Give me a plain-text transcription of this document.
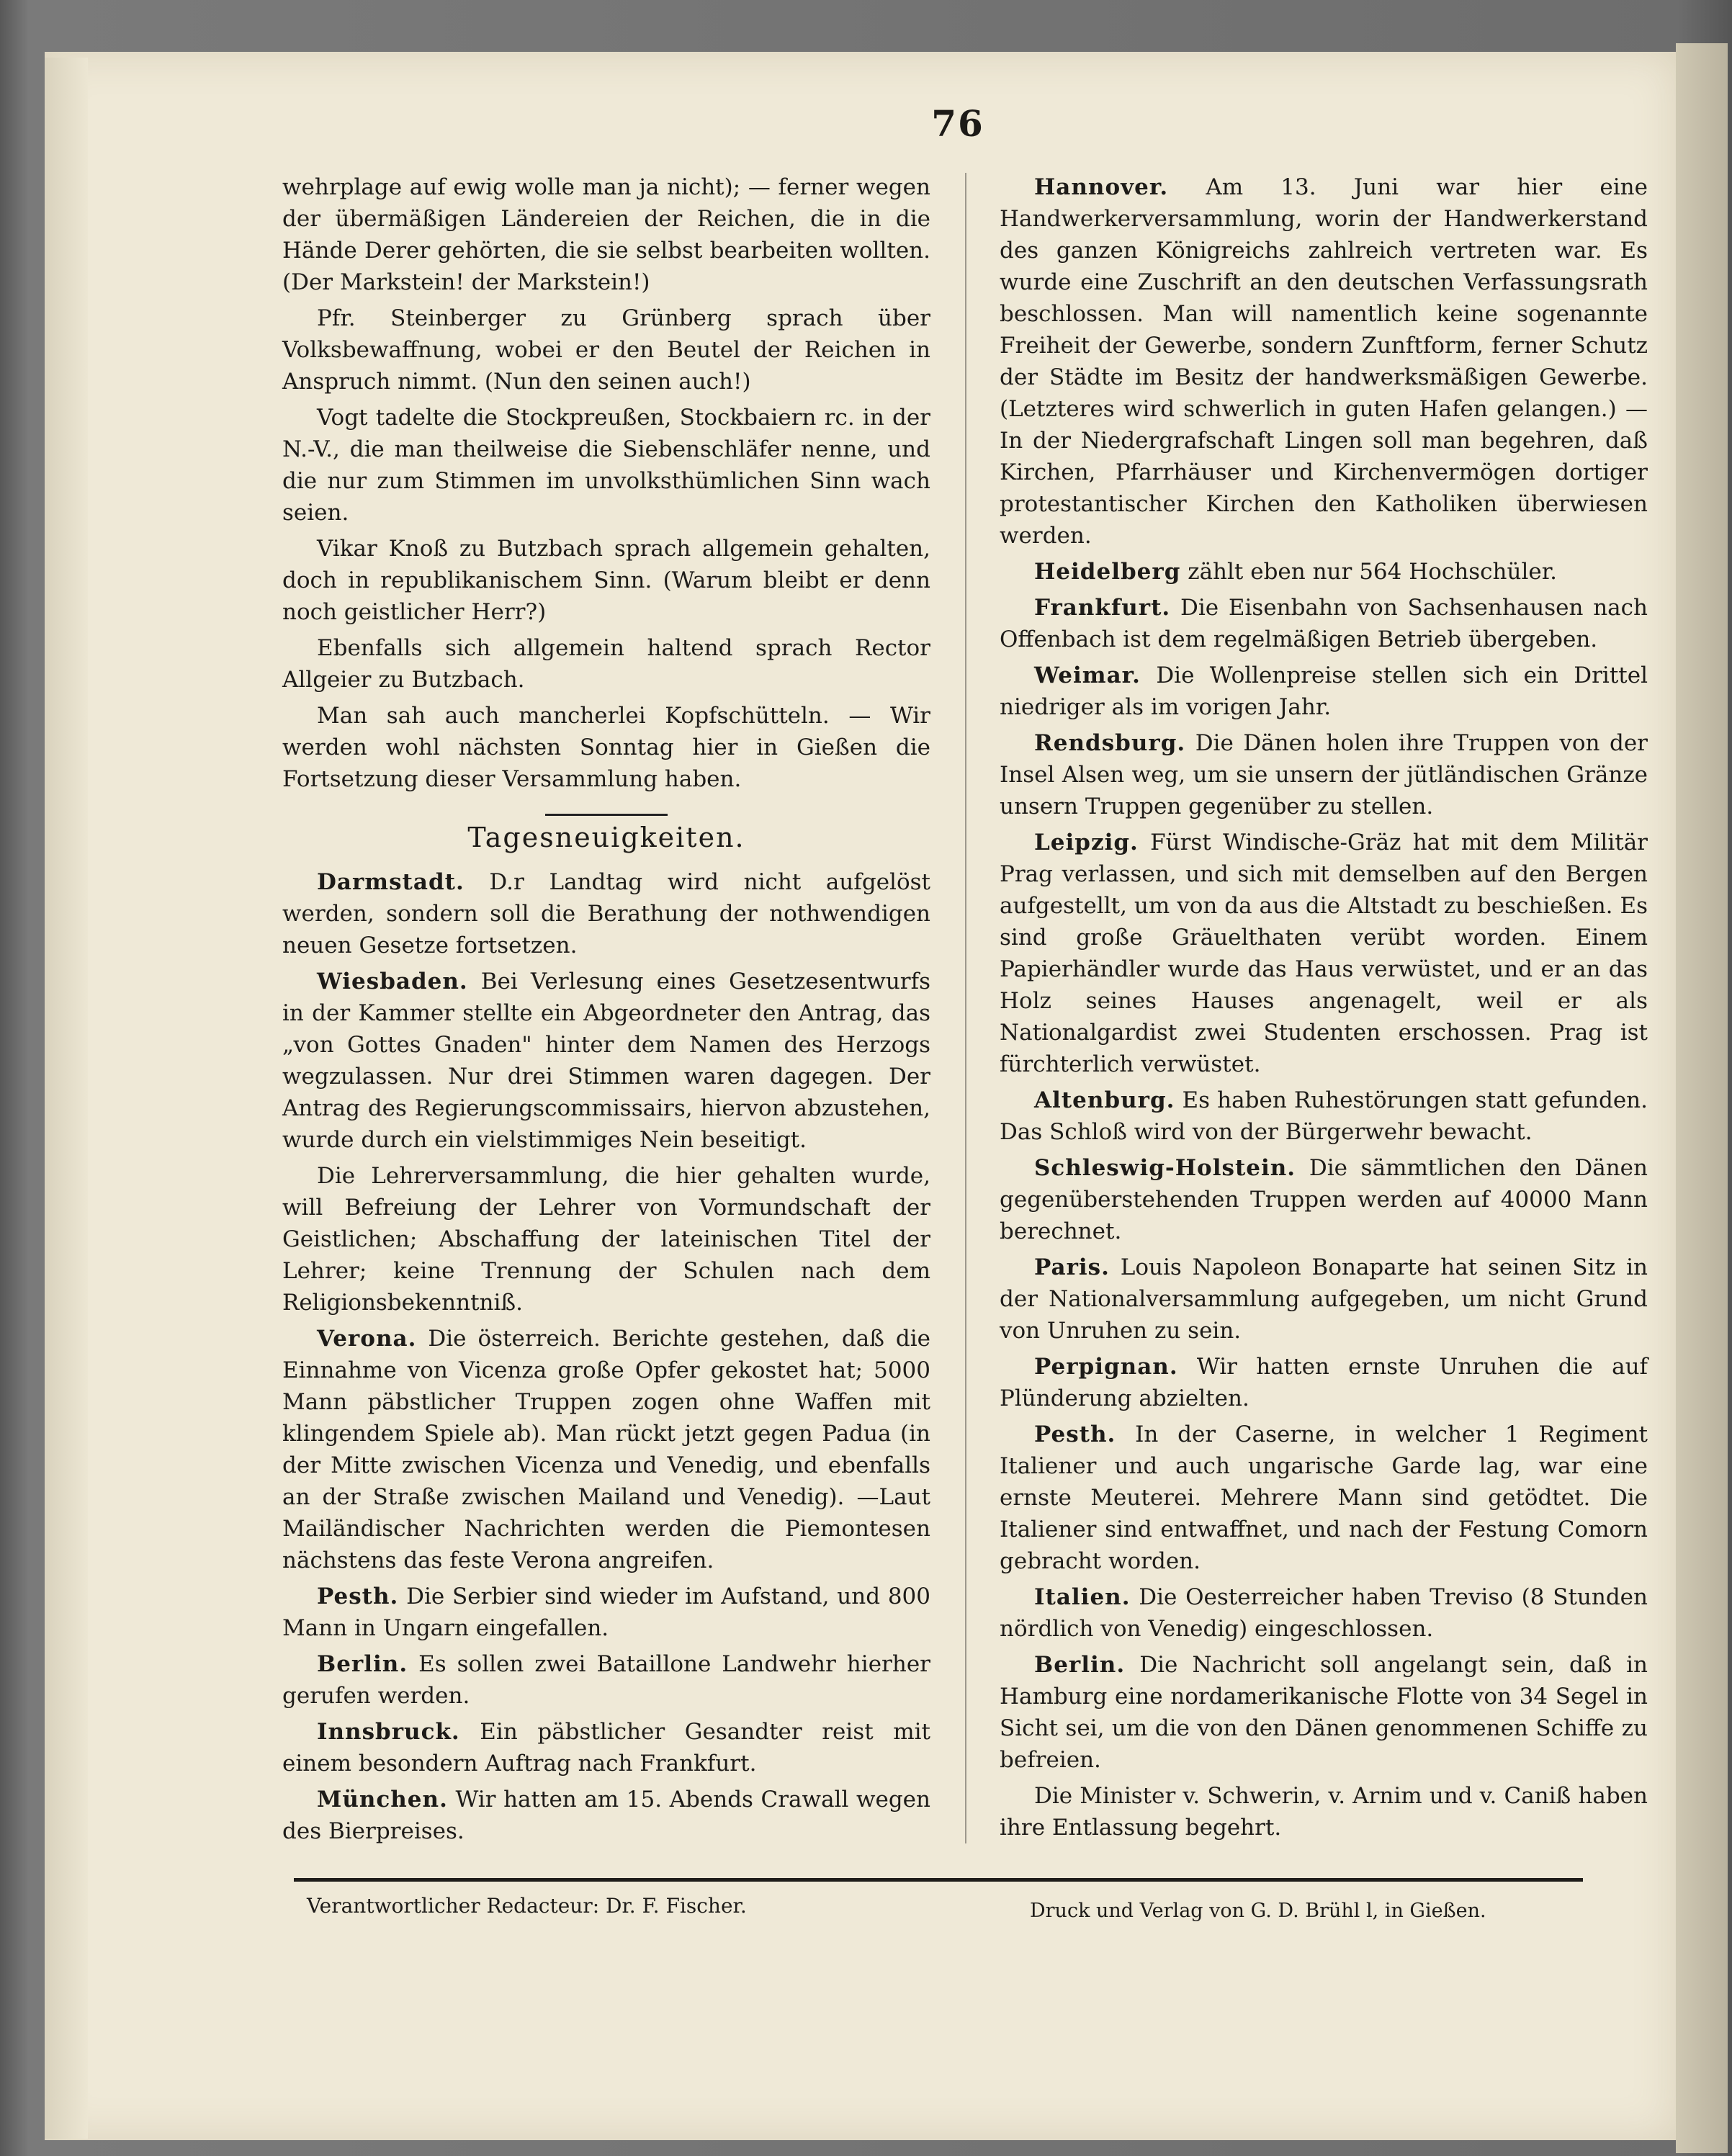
76

wehrplage auf ewig wolle man ja nicht); — ferner wegen der übermäßigen Ländereien der Reichen, die in die Hände Derer gehörten, die sie selbst bearbeiten wollten. (Der Markstein! der Markstein!)

Pfr. Steinberger zu Grünberg sprach über Volksbewaffnung, wobei er den Beutel der Reichen in Anspruch nimmt. (Nun den seinen auch!)

Vogt tadelte die Stockpreußen, Stockbaiern rc. in der N.-V., die man theilweise die Siebenschläfer nenne, und die nur zum Stimmen im unvolksthümlichen Sinn wach seien.

Vikar Knoß zu Butzbach sprach allgemein gehalten, doch in republikanischem Sinn. (Warum bleibt er denn noch geistlicher Herr?)

Ebenfalls sich allgemein haltend sprach Rector Allgeier zu Butzbach.

Man sah auch mancherlei Kopfschütteln. — Wir werden wohl nächsten Sonntag hier in Gießen die Fortsetzung dieser Versammlung haben.

Tagesneuigkeiten.

Darmstadt. D.r Landtag wird nicht aufgelöst werden, sondern soll die Berathung der nothwendigen neuen Gesetze fortsetzen.

Wiesbaden. Bei Verlesung eines Gesetzesentwurfs in der Kammer stellte ein Abgeordneter den Antrag, das „von Gottes Gnaden" hinter dem Namen des Herzogs wegzulassen. Nur drei Stimmen waren dagegen. Der Antrag des Regierungscommissairs, hiervon abzustehen, wurde durch ein vielstimmiges Nein beseitigt.

Die Lehrerversammlung, die hier gehalten wurde, will Befreiung der Lehrer von Vormundschaft der Geistlichen; Abschaffung der lateinischen Titel der Lehrer; keine Trennung der Schulen nach dem Religionsbekenntniß.

Verona. Die österreich. Berichte gestehen, daß die Einnahme von Vicenza große Opfer gekostet hat; 5000 Mann päbstlicher Truppen zogen ohne Waffen mit klingendem Spiele ab). Man rückt jetzt gegen Padua (in der Mitte zwischen Vicenza und Venedig, und ebenfalls an der Straße zwischen Mailand und Venedig). —Laut Mailändischer Nachrichten werden die Piemontesen nächstens das feste Verona angreifen.

Pesth. Die Serbier sind wieder im Aufstand, und 800 Mann in Ungarn eingefallen.

Berlin. Es sollen zwei Bataillone Landwehr hierher gerufen werden.

Innsbruck. Ein päbstlicher Gesandter reist mit einem besondern Auftrag nach Frankfurt.

München. Wir hatten am 15. Abends Crawall wegen des Bierpreises.

Hannover. Am 13. Juni war hier eine Handwerkerversammlung, worin der Handwerkerstand des ganzen Königreichs zahlreich vertreten war. Es wurde eine Zuschrift an den deutschen Verfassungsrath beschlossen. Man will namentlich keine sogenannte Freiheit der Gewerbe, sondern Zunftform, ferner Schutz der Städte im Besitz der handwerksmäßigen Gewerbe. (Letzteres wird schwerlich in guten Hafen gelangen.) — In der Niedergrafschaft Lingen soll man begehren, daß Kirchen, Pfarrhäuser und Kirchenvermögen dortiger protestantischer Kirchen den Katholiken überwiesen werden.

Heidelberg zählt eben nur 564 Hochschüler.

Frankfurt. Die Eisenbahn von Sachsenhausen nach Offenbach ist dem regelmäßigen Betrieb übergeben.

Weimar. Die Wollenpreise stellen sich ein Drittel niedriger als im vorigen Jahr.

Rendsburg. Die Dänen holen ihre Truppen von der Insel Alsen weg, um sie unsern der jütländischen Gränze unsern Truppen gegenüber zu stellen.

Leipzig. Fürst Windische-Gräz hat mit dem Militär Prag verlassen, und sich mit demselben auf den Bergen aufgestellt, um von da aus die Altstadt zu beschießen. Es sind große Gräuelthaten verübt worden. Einem Papierhändler wurde das Haus verwüstet, und er an das Holz seines Hauses angenagelt, weil er als Nationalgardist zwei Studenten erschossen. Prag ist fürchterlich verwüstet.

Altenburg. Es haben Ruhestörungen statt gefunden. Das Schloß wird von der Bürgerwehr bewacht.

Schleswig-Holstein. Die sämmtlichen den Dänen gegenüberstehenden Truppen werden auf 40000 Mann berechnet.

Paris. Louis Napoleon Bonaparte hat seinen Sitz in der Nationalversammlung aufgegeben, um nicht Grund von Unruhen zu sein.

Perpignan. Wir hatten ernste Unruhen die auf Plünderung abzielten.

Pesth. In der Caserne, in welcher 1 Regiment Italiener und auch ungarische Garde lag, war eine ernste Meuterei. Mehrere Mann sind getödtet. Die Italiener sind entwaffnet, und nach der Festung Comorn gebracht worden.

Italien. Die Oesterreicher haben Treviso (8 Stunden nördlich von Venedig) eingeschlossen.

Berlin. Die Nachricht soll angelangt sein, daß in Hamburg eine nordamerikanische Flotte von 34 Segel in Sicht sei, um die von den Dänen genommenen Schiffe zu befreien.

Die Minister v. Schwerin, v. Arnim und v. Caniß haben ihre Entlassung begehrt.

Verantwortlicher Redacteur: Dr. F. Fischer.	Druck und Verlag von G. D. Brühl l, in Gießen.
